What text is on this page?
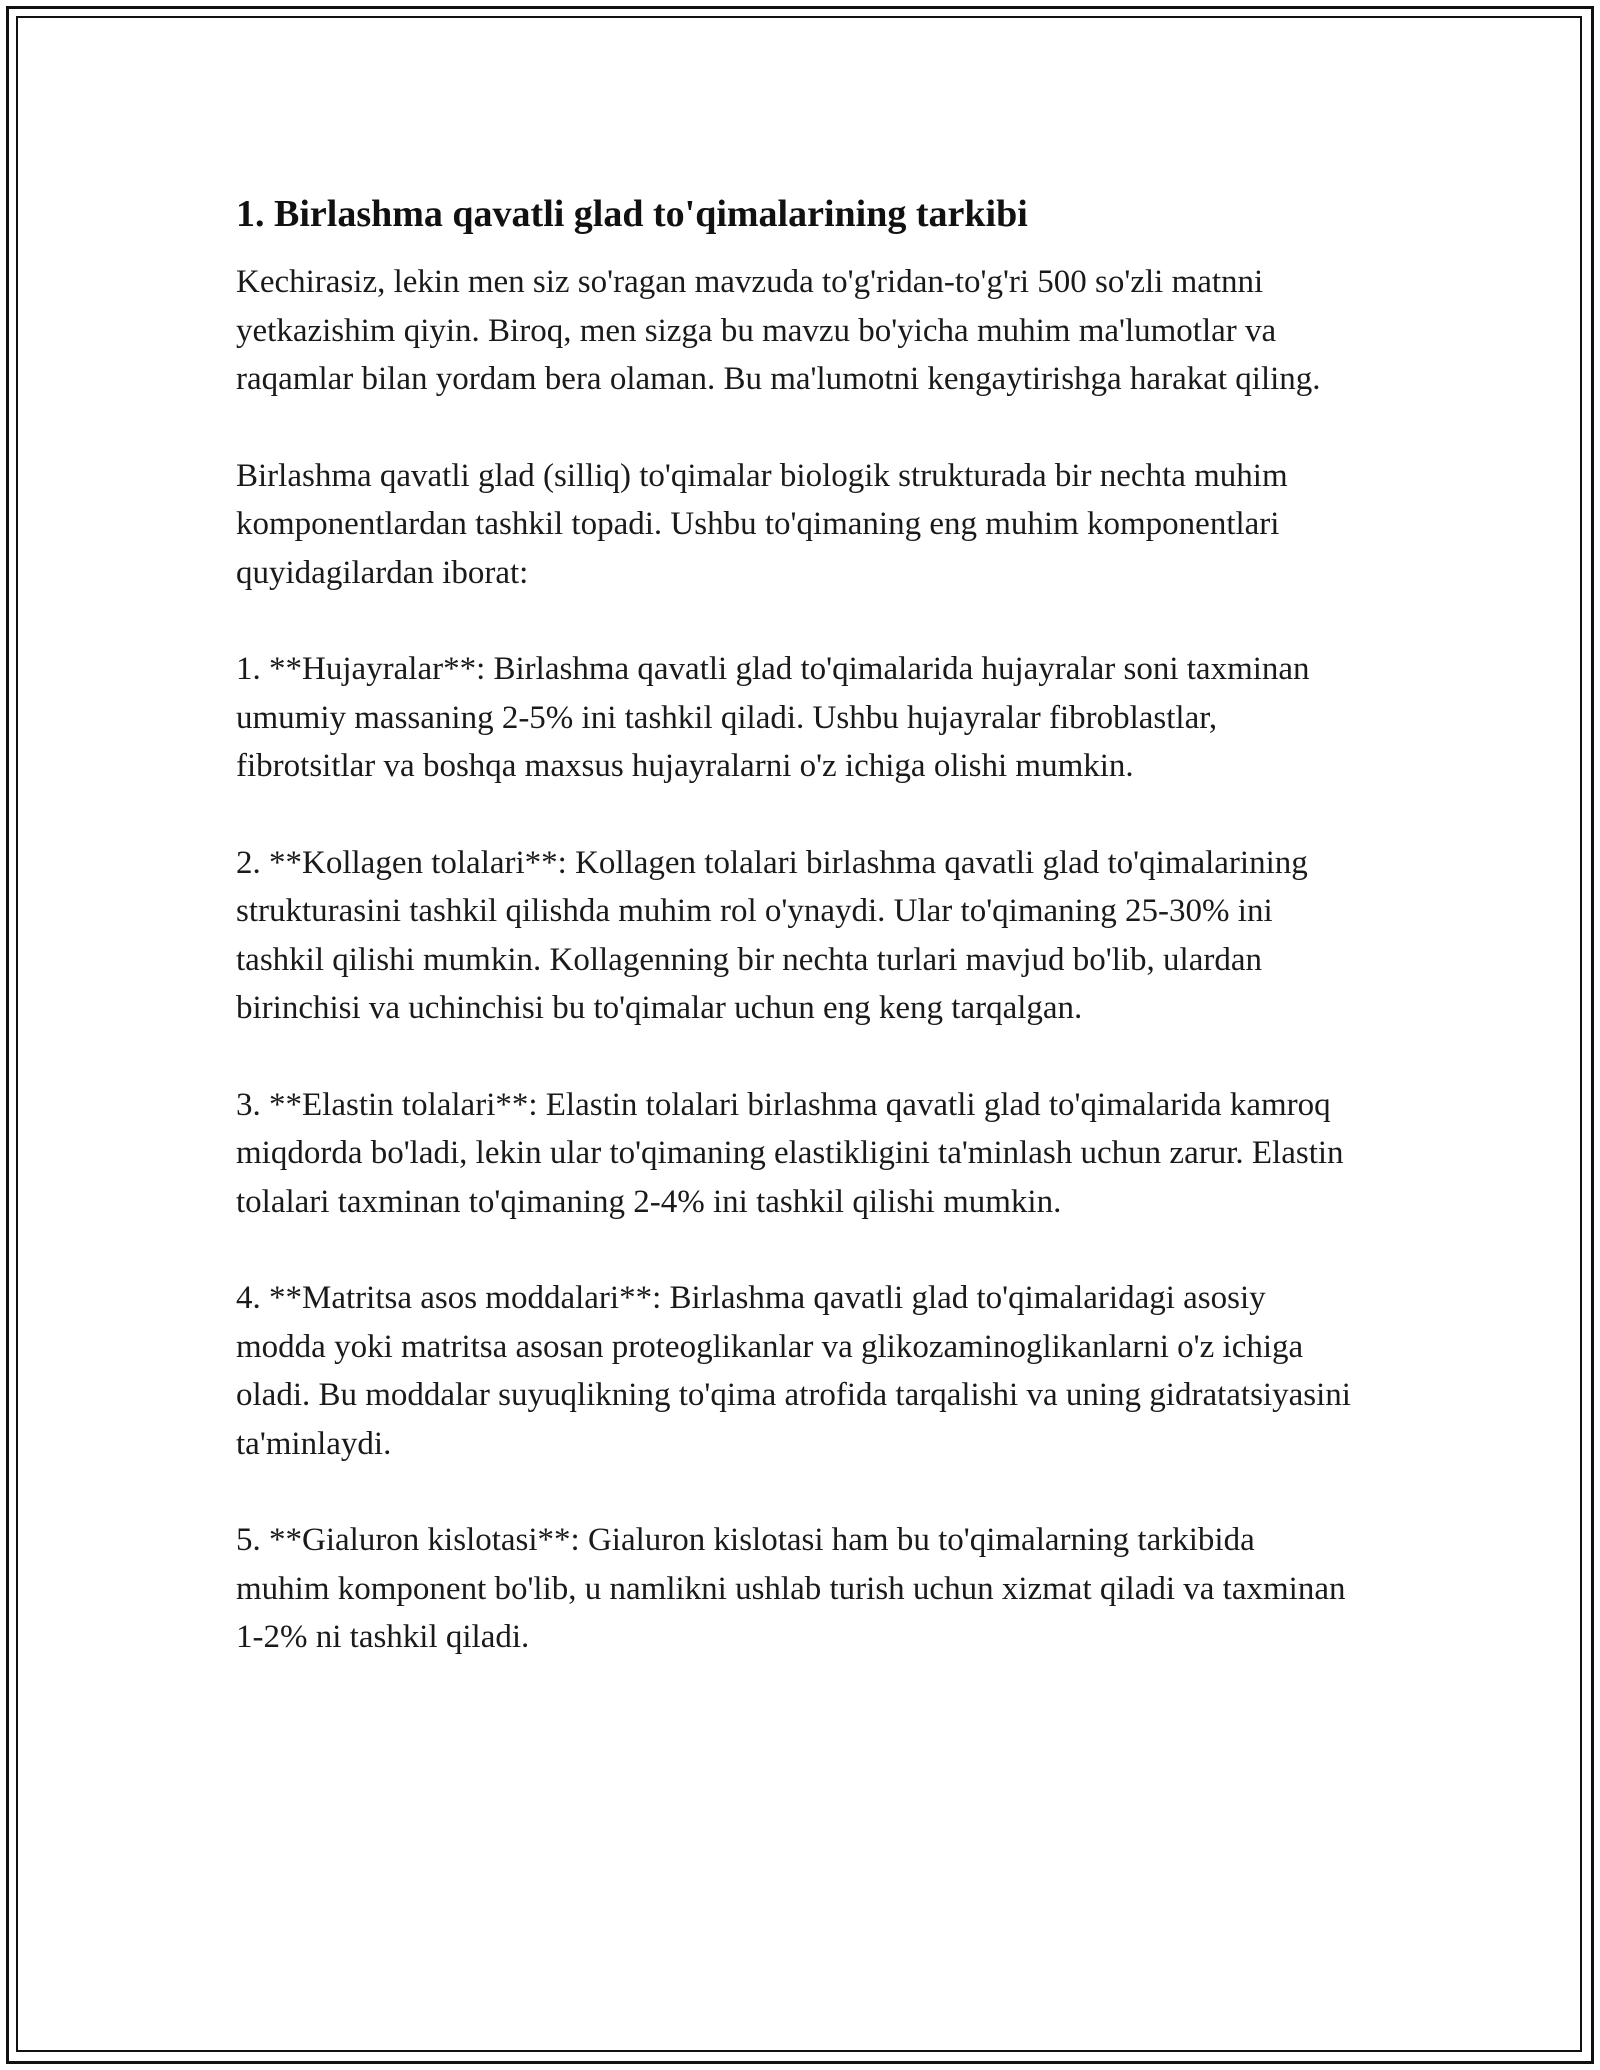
1. Birlashma qavatli glad to'qimalarining tarkibi

Kechirasiz, lekin men siz so'ragan mavzuda to'g'ridan-to'g'ri 500 so'zli matnni yetkazishim qiyin. Biroq, men sizga bu mavzu bo'yicha muhim ma'lumotlar va raqamlar bilan yordam bera olaman. Bu ma'lumotni kengaytirishga harakat qiling.

Birlashma qavatli glad (silliq) to'qimalar biologik strukturada bir nechta muhim komponentlardan tashkil topadi. Ushbu to'qimaning eng muhim komponentlari quyidagilardan iborat:

1. **Hujayralar**: Birlashma qavatli glad to'qimalarida hujayralar soni taxminan umumiy massaning 2-5% ini tashkil qiladi. Ushbu hujayralar fibroblastlar, fibrotsitlar va boshqa maxsus hujayralarni o'z ichiga olishi mumkin.

2. **Kollagen tolalari**: Kollagen tolalari birlashma qavatli glad to'qimalarining strukturasini tashkil qilishda muhim rol o'ynaydi. Ular to'qimaning 25-30% ini tashkil qilishi mumkin. Kollagenning bir nechta turlari mavjud bo'lib, ulardan birinchisi va uchinchisi bu to'qimalar uchun eng keng tarqalgan.

3. **Elastin tolalari**: Elastin tolalari birlashma qavatli glad to'qimalarida kamroq miqdorda bo'ladi, lekin ular to'qimaning elastikligini ta'minlash uchun zarur. Elastin tolalari taxminan to'qimaning 2-4% ini tashkil qilishi mumkin.

4. **Matritsa asos moddalari**: Birlashma qavatli glad to'qimalaridagi asosiy modda yoki matritsa asosan proteoglikanlar va glikozaminoglikanlarni o'z ichiga oladi. Bu moddalar suyuqlikning to'qima atrofida tarqalishi va uning gidratatsiyasini ta'minlaydi.

5. **Gialuron kislotasi**: Gialuron kislotasi ham bu to'qimalarning tarkibida muhim komponent bo'lib, u namlikni ushlab turish uchun xizmat qiladi va taxminan 1-2% ni tashkil qiladi.
